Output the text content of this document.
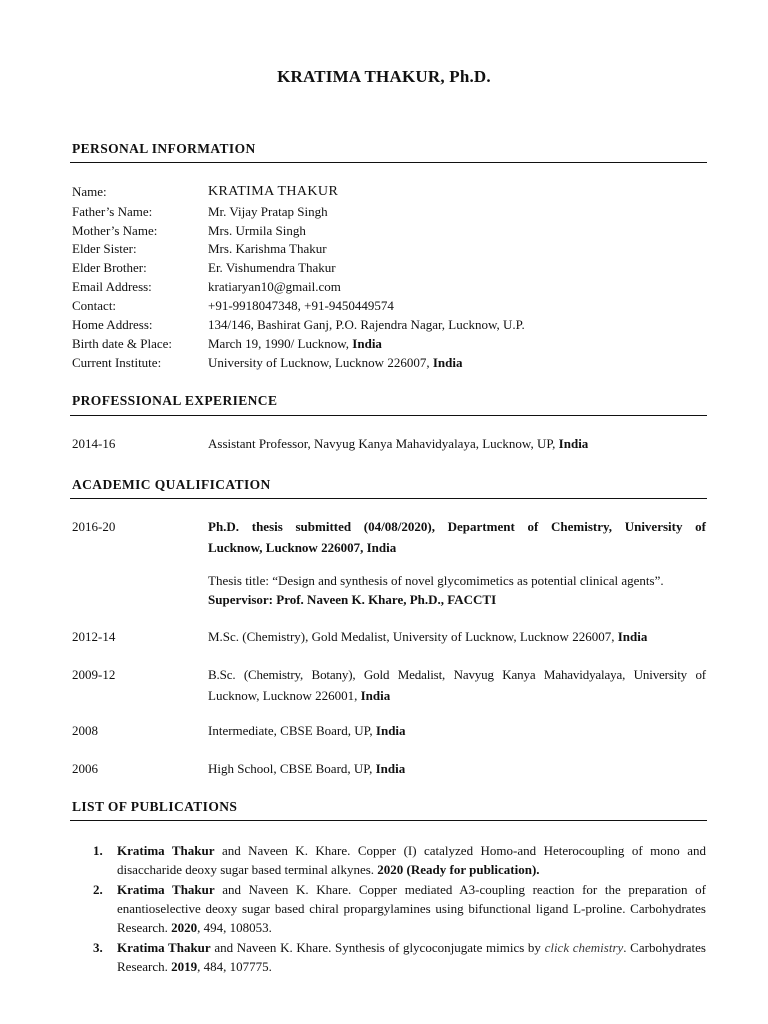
KRATIMA THAKUR, Ph.D.
PERSONAL INFORMATION
Name:	KRATIMA THAKUR
Father’s Name:	Mr. Vijay Pratap Singh
Mother’s Name:	Mrs. Urmila Singh
Elder Sister:	Mrs. Karishma Thakur
Elder Brother:	Er. Vishumendra Thakur
Email Address:	kratiaryan10@gmail.com
Contact:	+91-9918047348, +91-9450449574
Home Address:	134/146, Bashirat Ganj, P.O. Rajendra Nagar, Lucknow, U.P.
Birth date & Place:	March 19, 1990/ Lucknow, India
Current Institute:	University of Lucknow, Lucknow 226007, India
PROFESSIONAL EXPERIENCE
2014-16	Assistant Professor, Navyug Kanya Mahavidyalaya, Lucknow, UP, India
ACADEMIC QUALIFICATION
2016-20	Ph.D. thesis submitted (04/08/2020), Department of Chemistry, University of
Lucknow, Lucknow 226007, India
Thesis title: “Design and synthesis of novel glycomimetics as potential clinical agents”.
Supervisor: Prof. Naveen K. Khare, Ph.D., FACCTI
2012-14	M.Sc. (Chemistry), Gold Medalist, University of Lucknow, Lucknow 226007, India
2009-12	B.Sc. (Chemistry, Botany), Gold Medalist, Navyug Kanya Mahavidyalaya, University of
Lucknow, Lucknow 226001, India
2008	Intermediate, CBSE Board, UP, India
2006	High School, CBSE Board, UP, India
LIST OF PUBLICATIONS
1. Kratima Thakur and Naveen K. Khare. Copper (I) catalyzed Homo-and Heterocoupling of mono and disaccharide deoxy sugar based terminal alkynes. 2020 (Ready for publication).
2. Kratima Thakur and Naveen K. Khare. Copper mediated A3-coupling reaction for the preparation of enantioselective deoxy sugar based chiral propargylamines using bifunctional ligand L-proline. Carbohydrates Research. 2020, 494, 108053.
3. Kratima Thakur and Naveen K. Khare. Synthesis of glycoconjugate mimics by click chemistry. Carbohydrates Research. 2019, 484, 107775.
